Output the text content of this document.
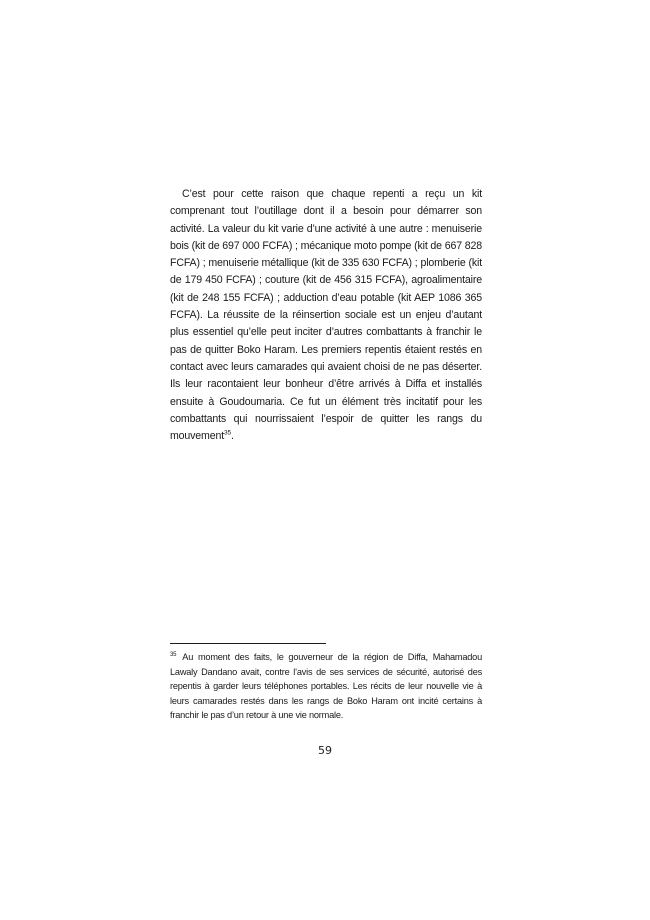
C’est pour cette raison que chaque repenti a reçu un kit comprenant tout l’outillage dont il a besoin pour démarrer son activité. La valeur du kit varie d’une activité à une autre : menuiserie bois (kit de 697 000 FCFA) ; mécanique moto pompe (kit de 667 828 FCFA) ; menuiserie métallique (kit de 335 630 FCFA) ; plomberie (kit de 179 450 FCFA) ; couture (kit de 456 315 FCFA), agroalimentaire (kit de 248 155 FCFA) ; adduction d’eau potable (kit AEP 1086 365 FCFA). La réussite de la réinsertion sociale est un enjeu d’autant plus essentiel qu’elle peut inciter d’autres combattants à franchir le pas de quitter Boko Haram. Les premiers repentis étaient restés en contact avec leurs camarades qui avaient choisi de ne pas déserter. Ils leur racontaient leur bonheur d’être arrivés à Diffa et installés ensuite à Goudoumaria. Ce fut un élément très incitatif pour les combattants qui nourrissaient l’espoir de quitter les rangs du mouvement$^{35}$.

$^{35}$ Au moment des faits, le gouverneur de la région de Diffa, Mahamadou Lawaly Dandano avait, contre l’avis de ses services de sécurité, autorisé des repentis à garder leurs téléphones portables. Les récits de leur nouvelle vie à leurs camarades restés dans les rangs de Boko Haram ont incité certains à franchir le pas d’un retour à une vie normale.

59
